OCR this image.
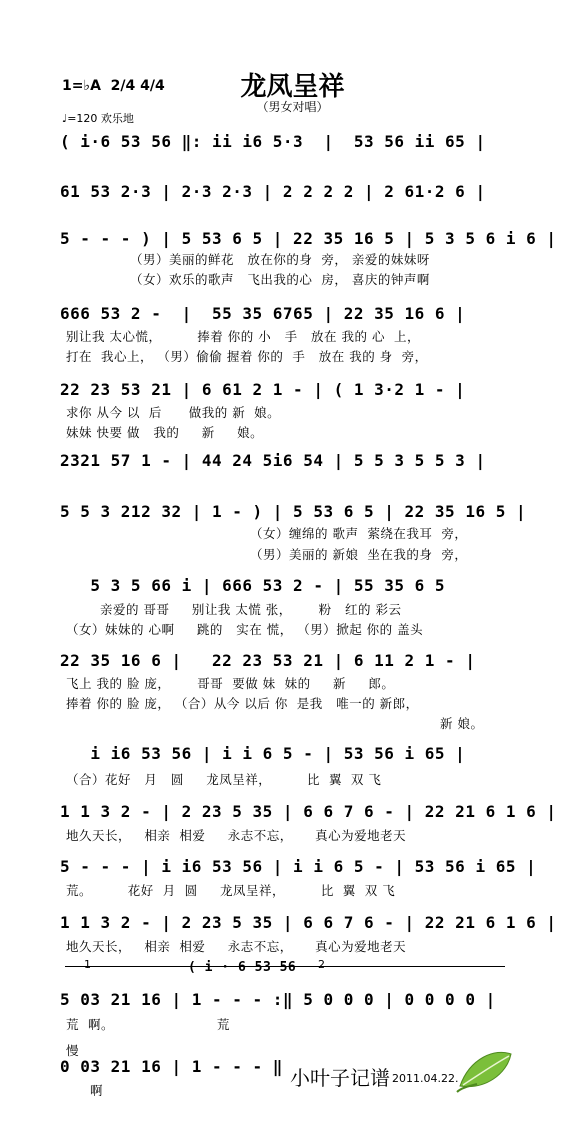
龙凤呈祥
（男女对唱）
1=♭A  2/4 4/4
♩=120 欢乐地
( i·6 53 56 ‖: ii i6 5·3  |  53 56 ii 65 |
61 53 2·3 | 2·3 2·3 | 2 2 2 2 | 2 61·2 6 |
5 - - - ) | 5 53 6 5 | 22 35 16 5 | 5 3 5 6 i 6 |
666 53 2 -  |  55 35 6765 | 22 35 16 6 |
22 23 53 21 | 6 61 2 1 - | ( 1 3·2 1 - |
2321 57 1 - | 44 24 5i6 54 | 5 5 3 5 5 3 |
5 5 3 212 32 | 1 - ) | 5 53 6 5 | 22 35 16 5 |
5 3 5 66 i | 666 53 2 - | 55 35 6 5
22 35 16 6 |   22 23 53 21 | 6 11 2 1 - |
i i6 53 56 | i i 6 5 - | 53 56 i 65 |
1 1 3 2 - | 2 23 5 35 | 6 6 7 6 - | 22 21 6 1 6 |
5 - - - | i i6 53 56 | i i 6 5 - | 53 56 i 65 |
1 1 3 2 - | 2 23 5 35 | 6 6 7 6 - | 22 21 6 1 6 |
5 03 21 16 | 1 - - - :‖ 5 0 0 0 | 0 0 0 0 |
0 03 21 16 | 1 - - - ‖
（男）美丽的鲜花   放在你的身  旁， 亲爱的妹妹呀
（女）欢乐的歌声   飞出我的心  房， 喜庆的钟声啊
别让我 太心慌，        捧着 你的 小   手   放在 我的 心  上，
打在  我心上， （男）偷偷 握着 你的  手   放在 我的 身  旁，
求你 从今 以  后      做我的 新  娘。
妹妹 快要 做   我的     新     娘。
（女）缠绵的 歌声  萦绕在我耳  旁，
（男）美丽的 新娘  坐在我的身  旁，
亲爱的 哥哥     别让我 太慌 张，      粉   红的 彩云
（女）妹妹的 心啊     跳的   实在 慌， （男）掀起 你的 盖头
飞上 我的 脸 庞，      哥哥  要做 妹  妹的     新     郎。
捧着 你的 脸 庞， （合）从今 以后 你  是我   唯一的 新郎，
新 娘。
（合）花好   月   圆     龙凤呈祥，        比  翼  双 飞
地久天长，   相亲  相爱     永志不忘，     真心为爱地老天
荒。        花好  月  圆     龙凤呈祥，        比  翼  双 飞
地久天长，   相亲  相爱     永志不忘，     真心为爱地老天
荒  啊。                       荒
慢
啊
1	( i · 6 53 56 2
小叶子记谱 2011.04.22.
